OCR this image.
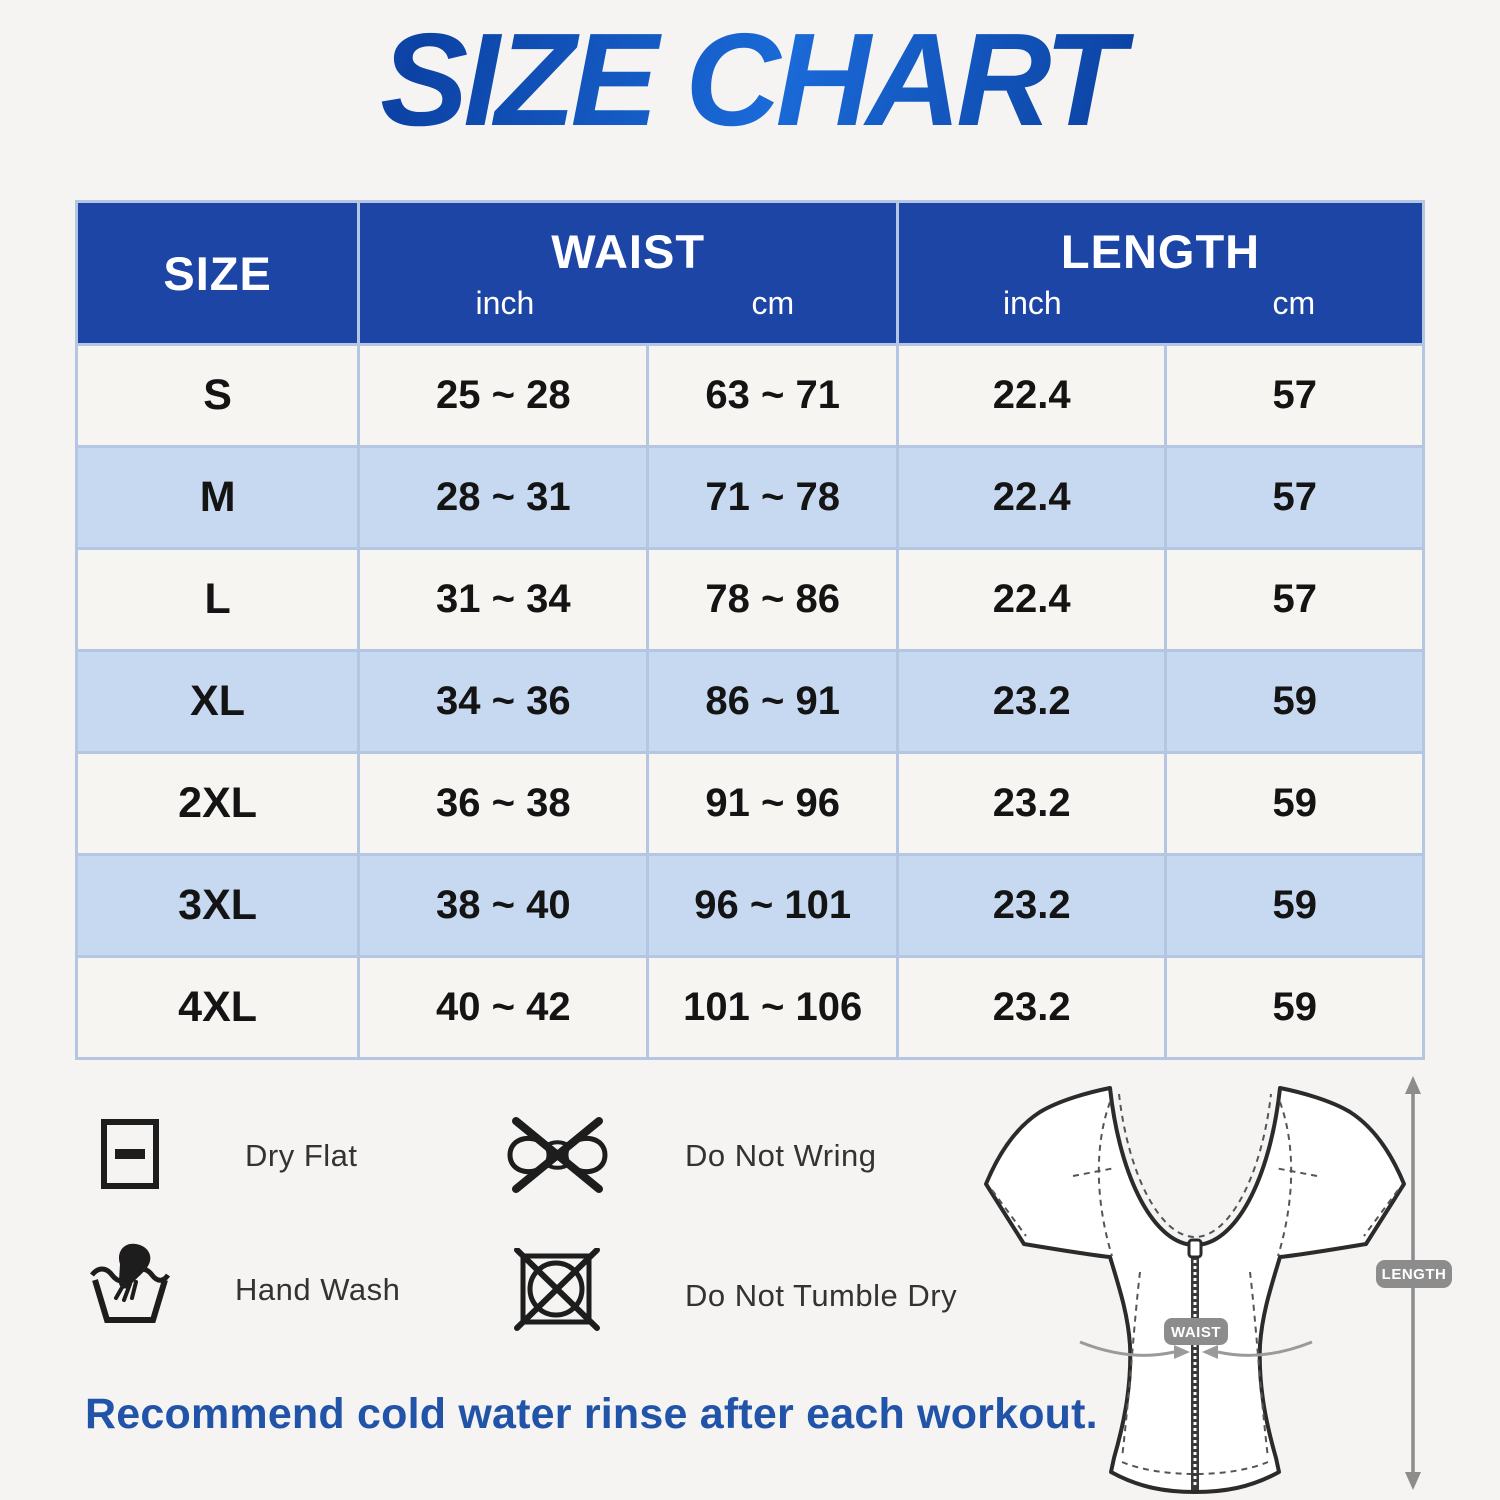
SIZE CHART
SIZE	WAIST
inch	cm
LENGTH
inch	cm
S	25 ~ 28	63 ~ 71	22.4	57
M	28 ~ 31	71 ~ 78	22.4	57
L	31 ~ 34	78 ~ 86	22.4	57
XL	34 ~ 36	86 ~ 91	23.2	59
2XL	36 ~ 38	91 ~ 96	23.2	59
3XL	38 ~ 40	96 ~ 101	23.2	59
4XL	40 ~ 42	101 ~ 106	23.2	59
Dry Flat	Do Not Wring
Hand Wash	Do Not Tumble Dry
WAIST
LENGTH

Recommend cold water rinse after each workout.
